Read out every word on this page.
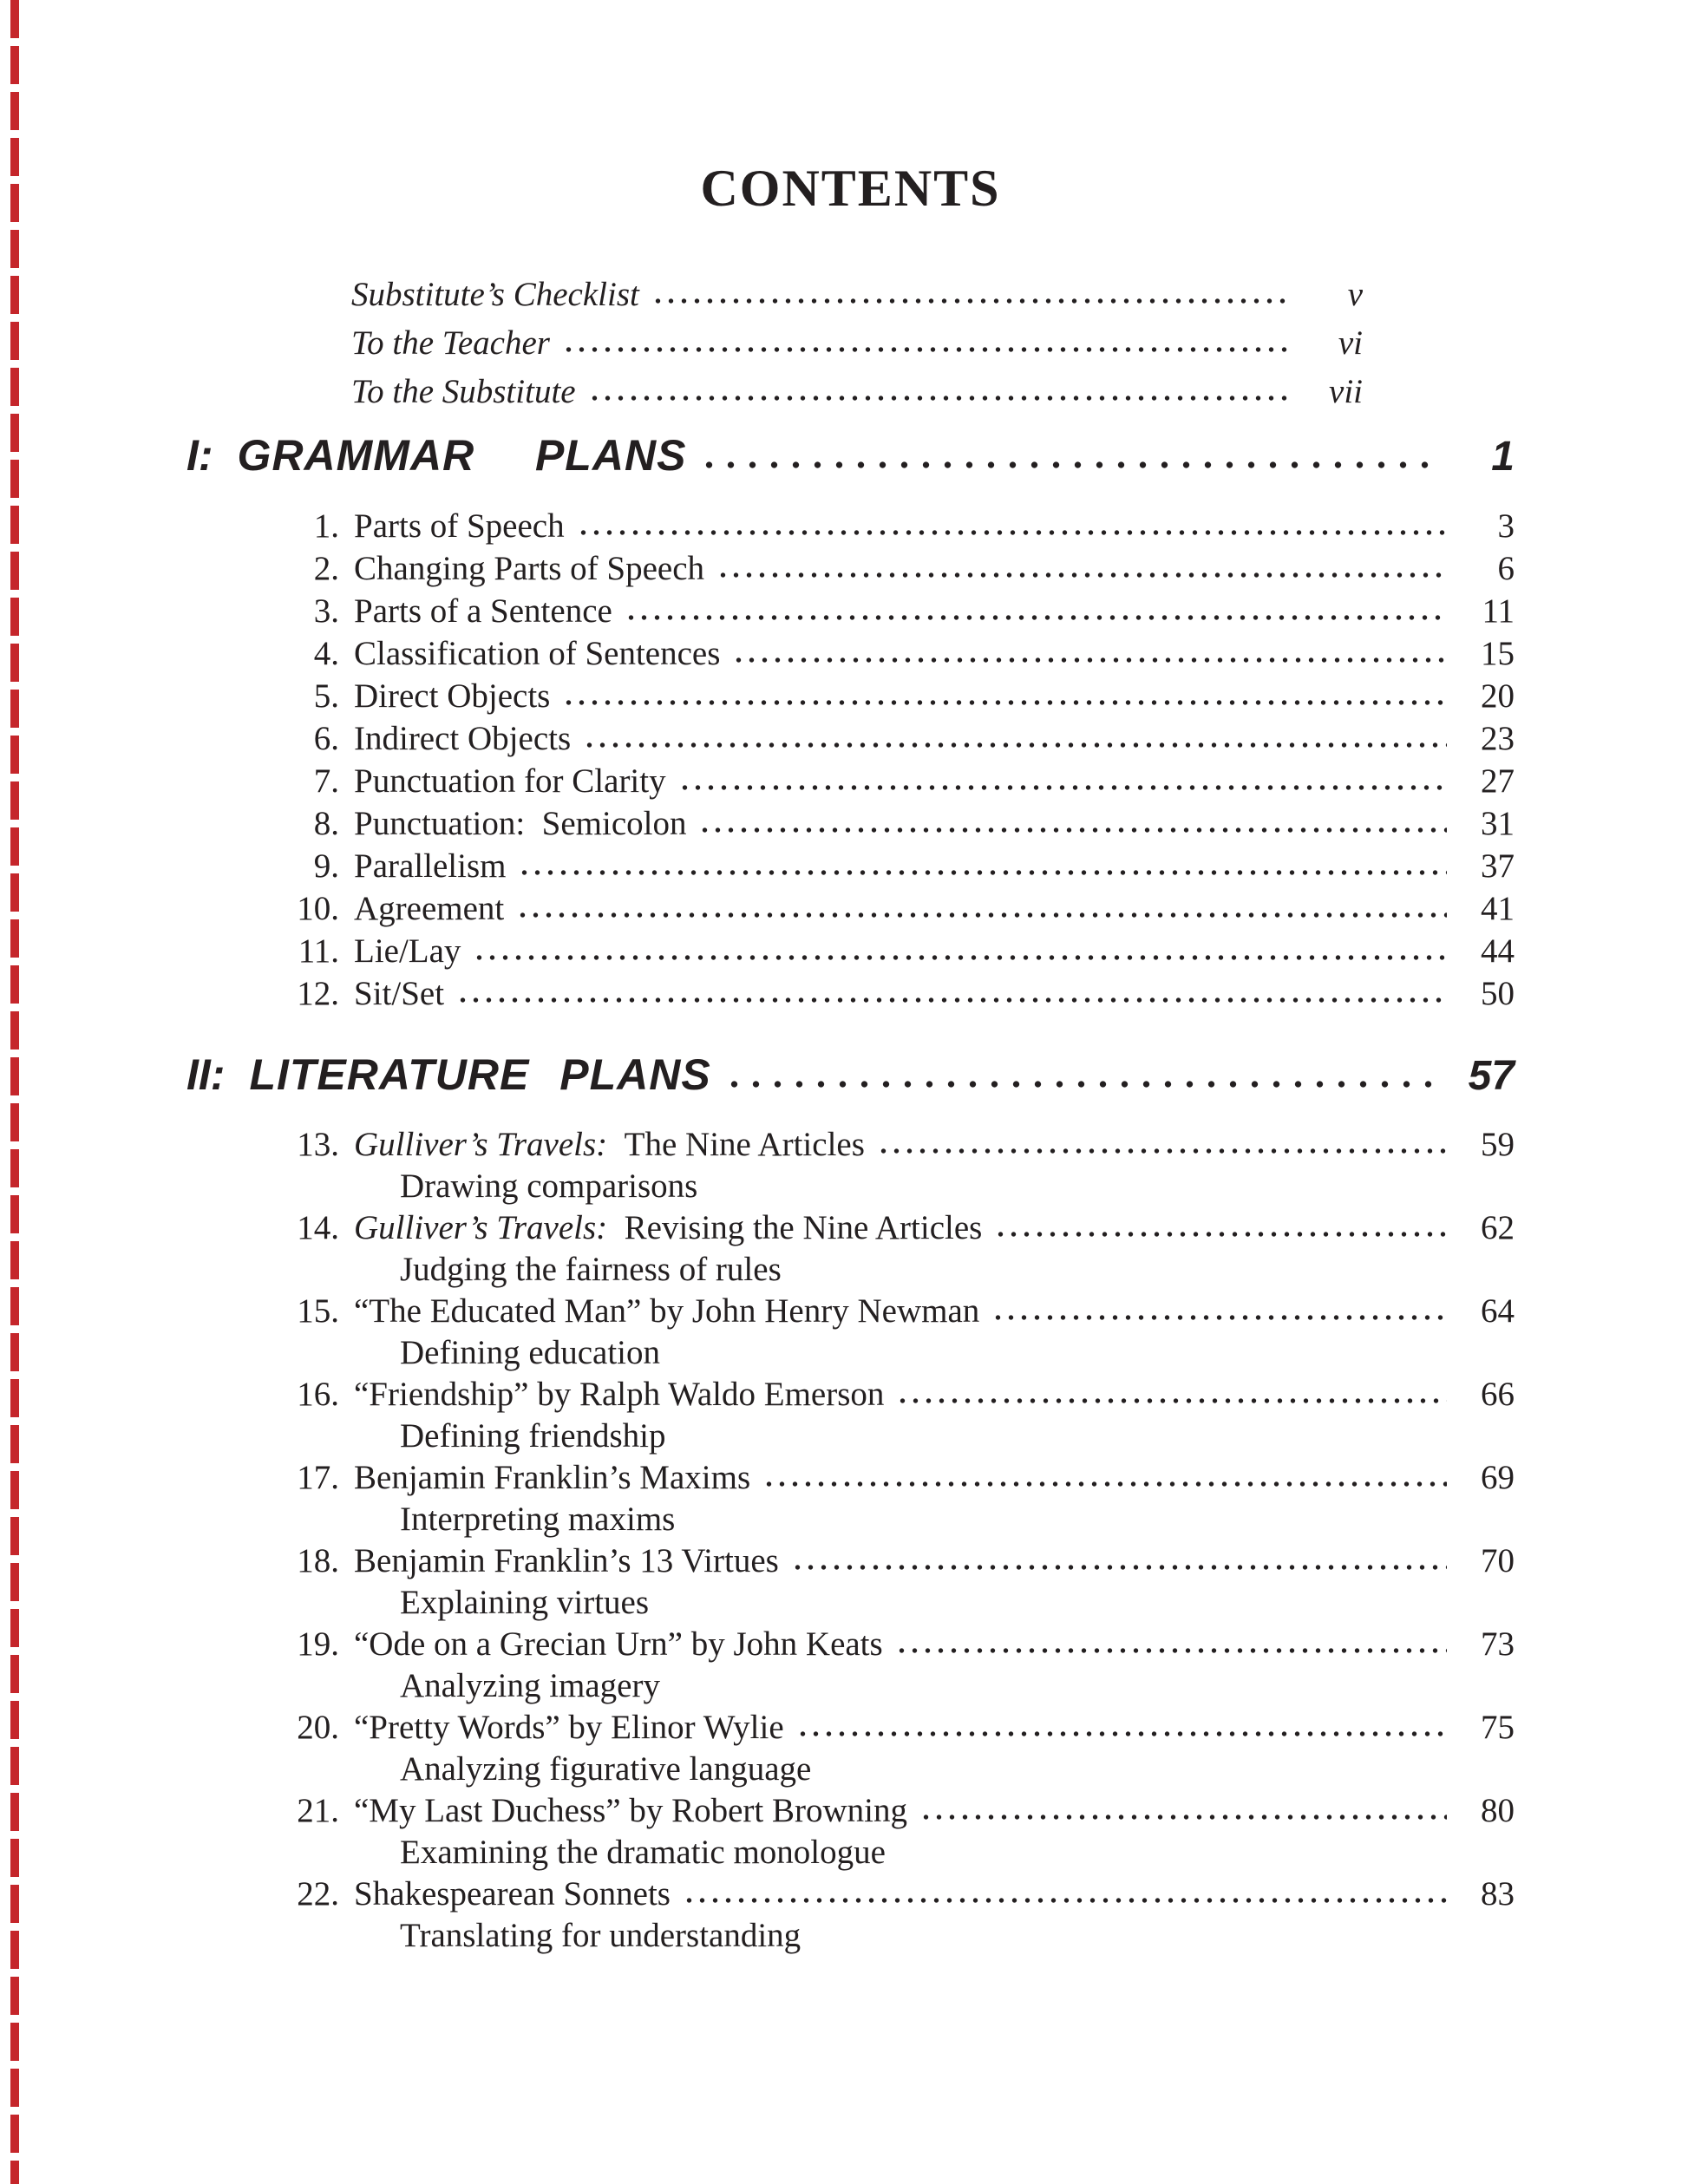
CONTENTS
Substitute’s Checklist	v
To the Teacher	vi
To the Substitute	vii
I: GRAMMAR  PLANS	1
1. Parts of Speech	3
2. Changing Parts of Speech	6
3. Parts of a Sentence	11
4. Classification of Sentences	15
5. Direct Objects	20
6. Indirect Objects	23
7. Punctuation for Clarity	27
8. Punctuation:  Semicolon	31
9. Parallelism	37
10. Agreement	41
11. Lie/Lay	44
12. Sit/Set	50
II: LITERATURE PLANS	57
13. Gulliver’s Travels:  The Nine Articles	59
Drawing comparisons
14. Gulliver’s Travels:  Revising the Nine Articles	62
Judging the fairness of rules
15. “The Educated Man” by John Henry Newman	64
Defining education
16. “Friendship” by Ralph Waldo Emerson	66
Defining friendship
17. Benjamin Franklin’s Maxims	69
Interpreting maxims
18. Benjamin Franklin’s 13 Virtues	70
Explaining virtues
19. “Ode on a Grecian Urn” by John Keats	73
Analyzing imagery
20. “Pretty Words” by Elinor Wylie	75
Analyzing figurative language
21. “My Last Duchess” by Robert Browning	80
Examining the dramatic monologue
22. Shakespearean Sonnets	83
Translating for understanding
